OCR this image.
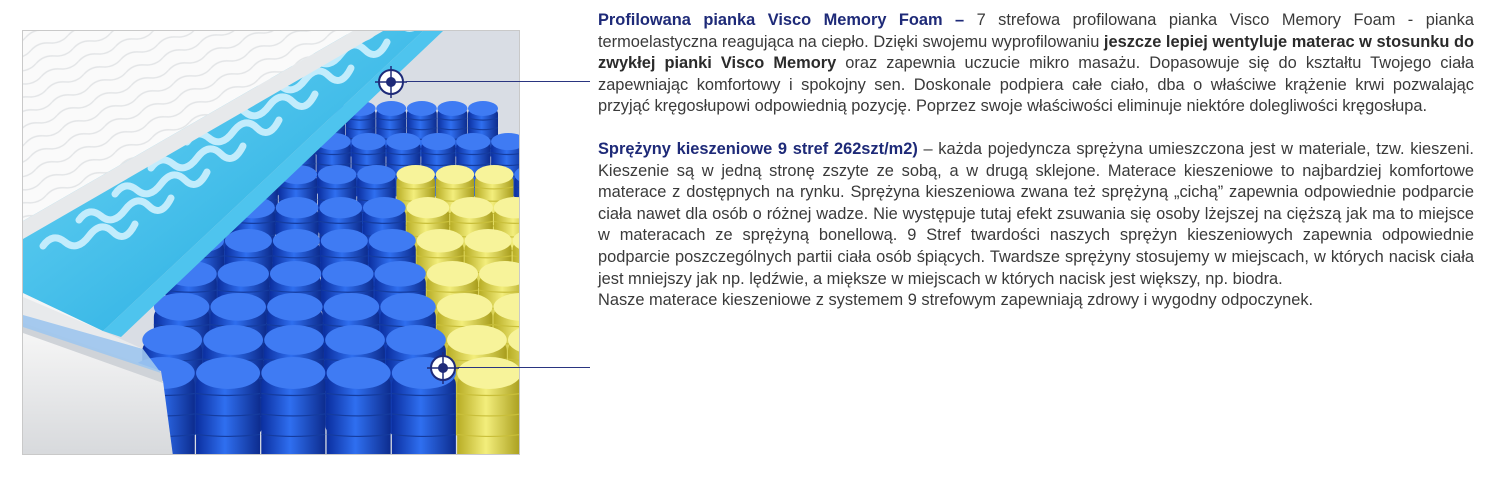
Profilowana pianka Visco Memory Foam – 7 strefowa profilowana pianka Visco Memory Foam - pianka termoelastyczna reagująca na ciepło. Dzięki swojemu wyprofilowaniu jeszcze lepiej wentyluje materac w stosunku do zwykłej pianki Visco Memory oraz zapewnia uczucie mikro masażu. Dopasowuje się do kształtu Twojego ciała zapewniając komfortowy i spokojny sen. Doskonale podpiera całe ciało, dba o właściwe krążenie krwi pozwalając przyjąć kręgosłupowi odpowiednią pozycję. Poprzez swoje właściwości eliminuje niektóre dolegliwości kręgosłupa.

Sprężyny kieszeniowe 9 stref 262szt/m2) – każda pojedyncza sprężyna umieszczona jest w materiale, tzw. kieszeni. Kieszenie są w jedną stronę zszyte ze sobą, a w drugą sklejone. Materace kieszeniowe to najbardziej komfortowe materace z dostępnych na rynku. Sprężyna kieszeniowa zwana też sprężyną „cichą” zapewnia odpowiednie podparcie ciała nawet dla osób o różnej wadze. Nie występuje tutaj efekt zsuwania się osoby lżejszej na cięższą jak ma to miejsce w materacach ze sprężyną bonellową. 9 Stref twardości naszych sprężyn kieszeniowych zapewnia odpowiednie podparcie poszczególnych partii ciała osób śpiących. Twardsze sprężyny stosujemy w miejscach, w których nacisk ciała jest mniejszy jak np. lędźwie, a miększe w miejscach w których nacisk jest większy, np. biodra.

Nasze materace kieszeniowe z systemem 9 strefowym zapewniają zdrowy i wygodny odpoczynek.
